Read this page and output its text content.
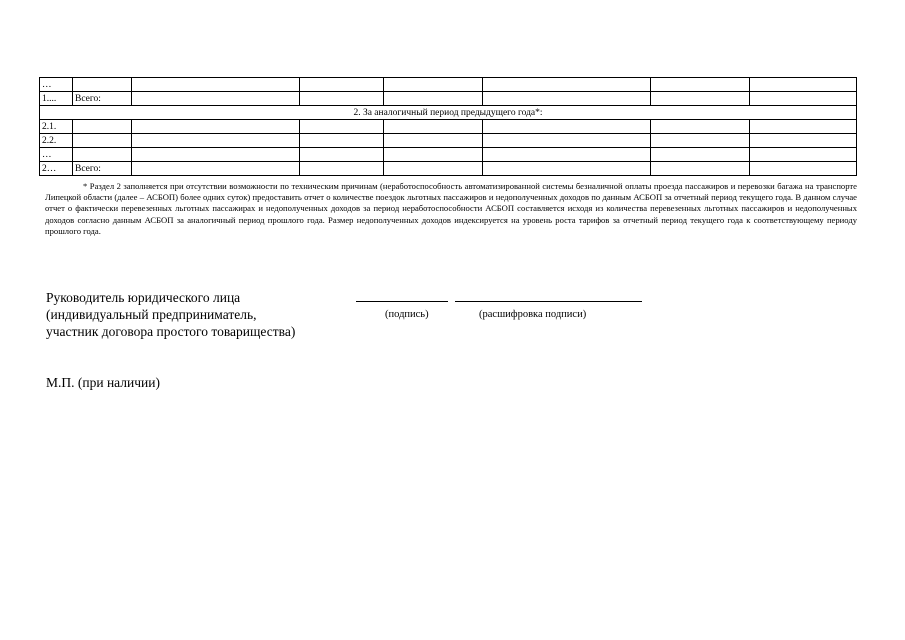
…							
1....	Всего:						
2. За аналогичный период предыдущего года*:							
2.1.							
2.2.							
…							
2…	Всего:						

* Раздел 2 заполняется при отсутствии возможности по техническим причинам (неработоспособность автоматизированной системы безналичной оплаты проезда пассажиров и перевозки багажа на транспорте Липецкой области (далее – АСБОП) более одних суток) предоставить отчет о количестве поездок льготных пассажиров и недополученных доходов по данным АСБОП за отчетный период текущего года. В данном случае отчет о фактически перевезенных льготных пассажирах и недополученных доходов за период неработоспособности АСБОП составляется исходя из количества перевезенных льготных пассажиров и недополученных доходов согласно данным АСБОП за аналогичный период прошлого года. Размер недополученных доходов индексируется на уровень роста тарифов за отчетный период текущего года к соответствующему периоду прошлого года.

Руководитель юридического лица
(индивидуальный предприниматель,
участник договора простого товарищества)
(подпись)	(расшифровка подписи)
М.П. (при наличии)
